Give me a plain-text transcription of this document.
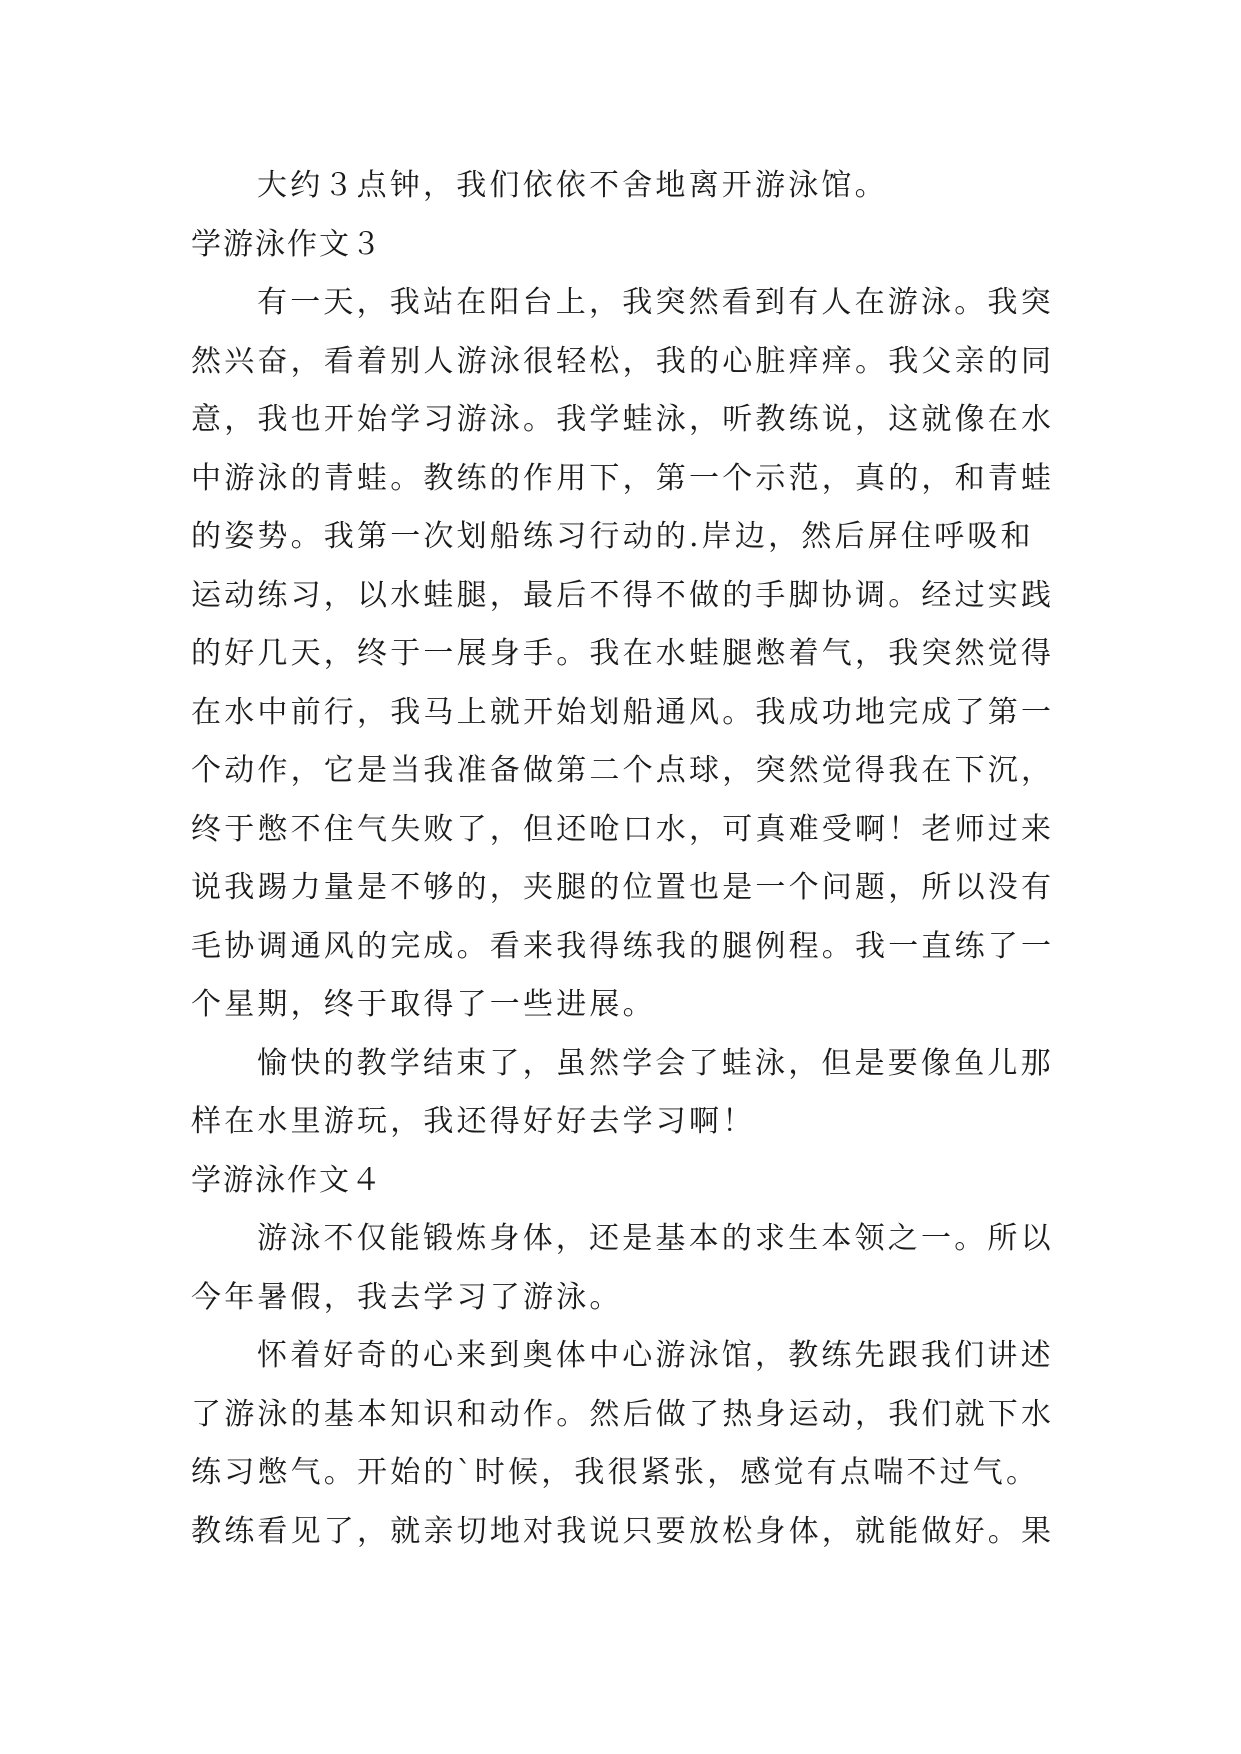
大约３点钟，我们依依不舍地离开游泳馆。
学游泳作文３
有一天，我站在阳台上，我突然看到有人在游泳。我突
然兴奋，看着别人游泳很轻松，我的心脏痒痒。我父亲的同
意，我也开始学习游泳。我学蛙泳，听教练说，这就像在水
中游泳的青蛙。教练的作用下，第一个示范，真的，和青蛙
的姿势。我第一次划船练习行动的.岸边，然后屏住呼吸和
运动练习，以水蛙腿，最后不得不做的手脚协调。经过实践
的好几天，终于一展身手。我在水蛙腿憋着气，我突然觉得
在水中前行，我马上就开始划船通风。我成功地完成了第一
个动作，它是当我准备做第二个点球，突然觉得我在下沉，
终于憋不住气失败了，但还呛口水，可真难受啊！老师过来
说我踢力量是不够的，夹腿的位置也是一个问题，所以没有
毛协调通风的完成。看来我得练我的腿例程。我一直练了一
个星期，终于取得了一些进展。
愉快的教学结束了，虽然学会了蛙泳，但是要像鱼儿那
样在水里游玩，我还得好好去学习啊！
学游泳作文４
游泳不仅能锻炼身体，还是基本的求生本领之一。所以
今年暑假，我去学习了游泳。
怀着好奇的心来到奥体中心游泳馆，教练先跟我们讲述
了游泳的基本知识和动作。然后做了热身运动，我们就下水
练习憋气。开始的`时候，我很紧张，感觉有点喘不过气。
教练看见了，就亲切地对我说只要放松身体，就能做好。果
